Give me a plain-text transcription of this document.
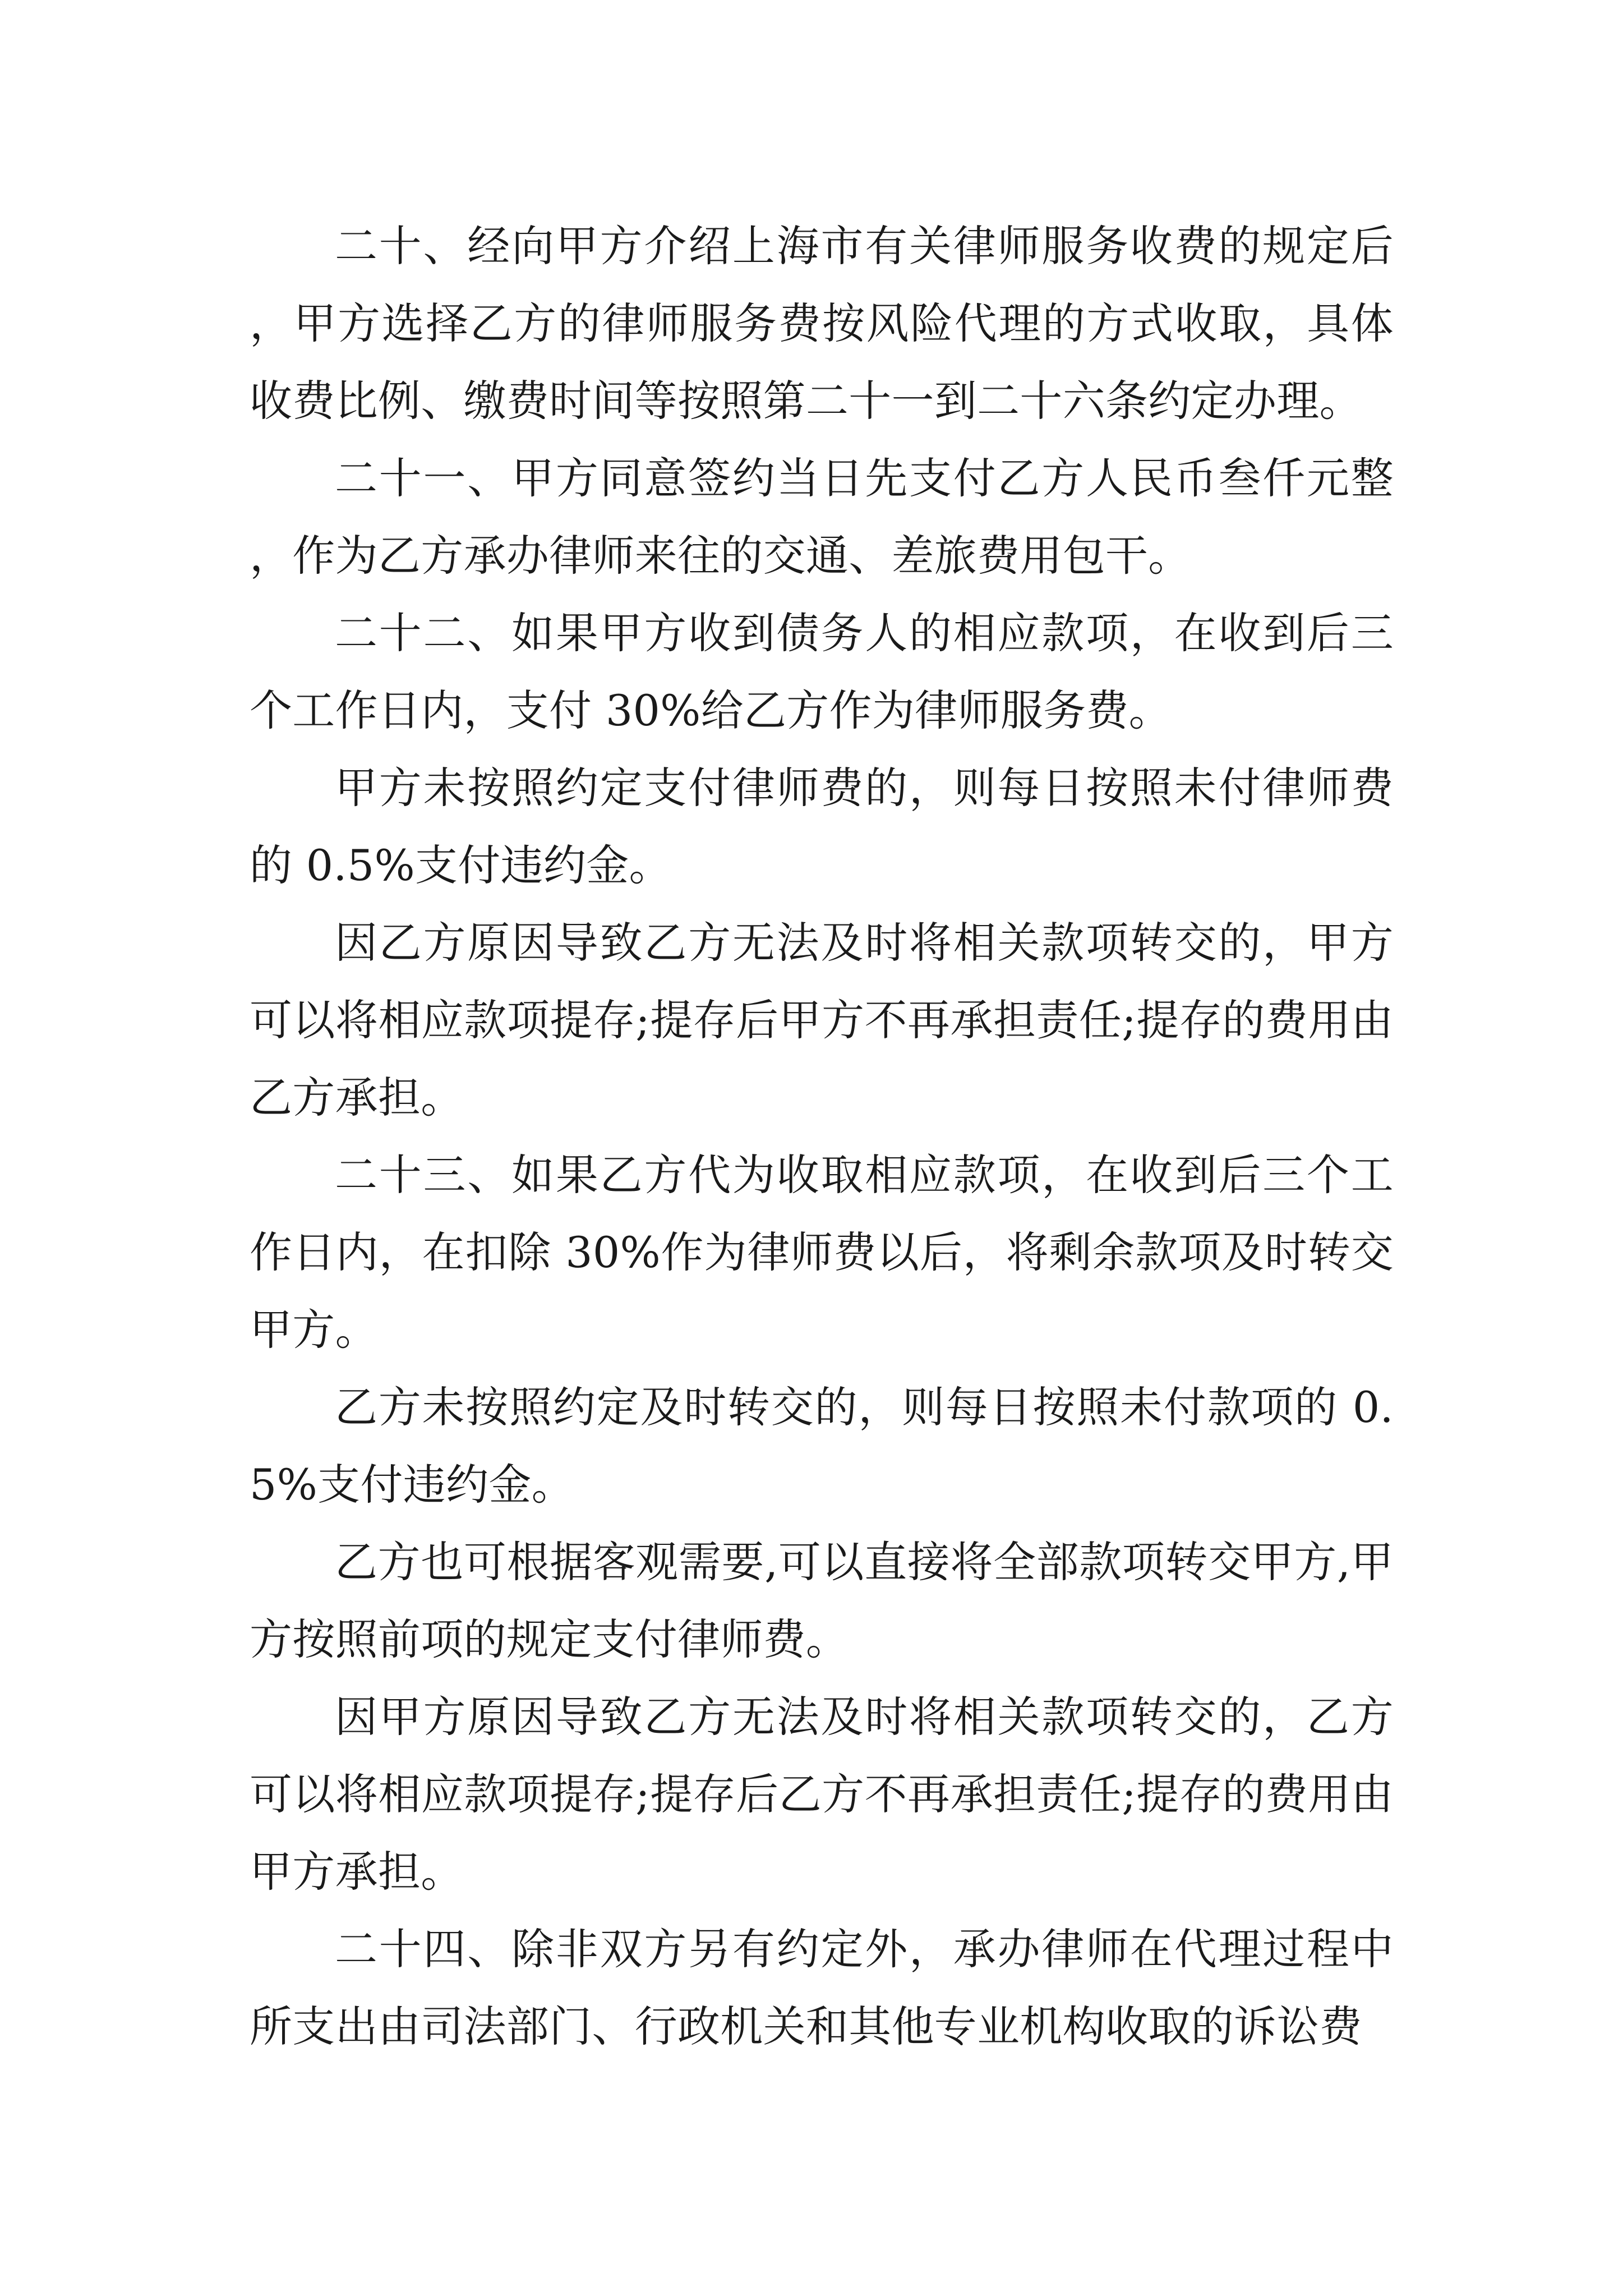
二十、经向甲方介绍上海市有关律师服务收费的规定后，甲方选择乙方的律师服务费按风险代理的方式收取，具体收费比例、缴费时间等按照第二十一到二十六条约定办理。

二十一、甲方同意签约当日先支付乙方人民币叁仟元整，作为乙方承办律师来往的交通、差旅费用包干。

二十二、如果甲方收到债务人的相应款项，在收到后三个工作日内，支付 30%给乙方作为律师服务费。

甲方未按照约定支付律师费的，则每日按照未付律师费的 0.5%支付违约金。

因乙方原因导致乙方无法及时将相关款项转交的，甲方可以将相应款项提存;提存后甲方不再承担责任;提存的费用由乙方承担。

二十三、如果乙方代为收取相应款项，在收到后三个工作日内，在扣除 30%作为律师费以后，将剩余款项及时转交甲方。

乙方未按照约定及时转交的，则每日按照未付款项的 0.5%支付违约金。

乙方也可根据客观需要,可以直接将全部款项转交甲方,甲方按照前项的规定支付律师费。

因甲方原因导致乙方无法及时将相关款项转交的，乙方可以将相应款项提存;提存后乙方不再承担责任;提存的费用由甲方承担。

二十四、除非双方另有约定外，承办律师在代理过程中所支出由司法部门、行政机关和其他专业机构收取的诉讼费
